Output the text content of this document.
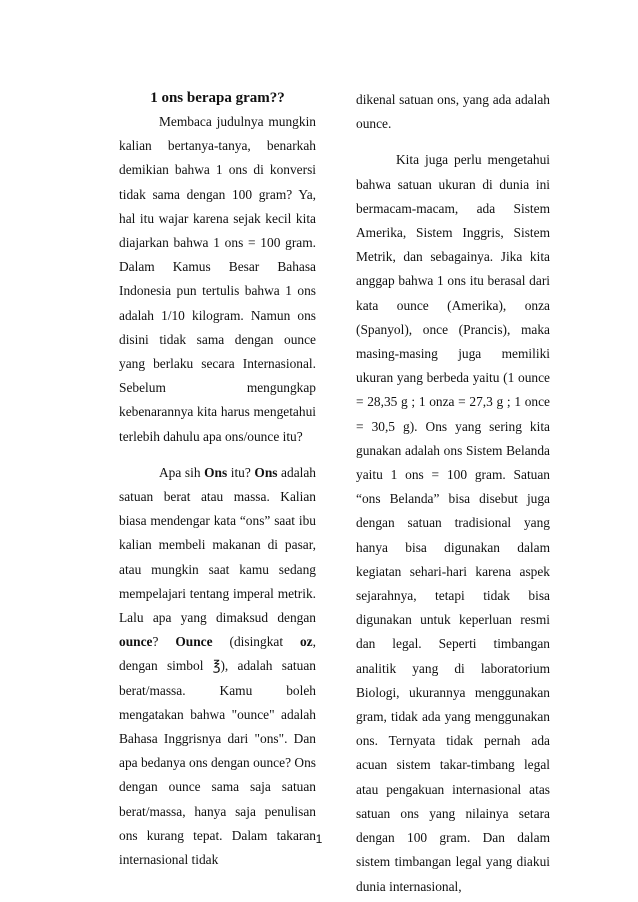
1 ons berapa gram??

Membaca judulnya mungkin kalian bertanya-tanya, benarkah demikian bahwa 1 ons di konversi tidak sama dengan 100 gram? Ya, hal itu wajar karena sejak kecil kita diajarkan bahwa 1 ons = 100 gram. Dalam Kamus Besar Bahasa Indonesia pun tertulis bahwa 1 ons adalah 1/10 kilogram. Namun ons disini tidak sama dengan ounce yang berlaku secara Internasional. Sebelum mengungkap kebenarannya kita harus mengetahui terlebih dahulu apa ons/ounce itu?

Apa sih Ons itu? Ons adalah satuan berat atau massa. Kalian biasa mendengar kata “ons” saat ibu kalian membeli makanan di pasar, atau mungkin saat kamu sedang mempelajari tentang imperal metrik. Lalu apa yang dimaksud dengan ounce? Ounce (disingkat oz, dengan simbol ℥), adalah satuan berat/massa. Kamu boleh mengatakan bahwa "ounce" adalah Bahasa Inggrisnya dari "ons". Dan apa bedanya ons dengan ounce? Ons dengan ounce sama saja satuan berat/massa, hanya saja penulisan ons kurang tepat. Dalam takaran internasional tidak

dikenal satuan ons, yang ada adalah ounce.

Kita juga perlu mengetahui bahwa satuan ukuran di dunia ini bermacam-macam, ada Sistem Amerika, Sistem Inggris, Sistem Metrik, dan sebagainya. Jika kita anggap bahwa 1 ons itu berasal dari kata ounce (Amerika), onza (Spanyol), once (Prancis), maka masing-masing juga memiliki ukuran yang berbeda yaitu (1 ounce = 28,35 g ; 1 onza = 27,3 g ; 1 once = 30,5 g). Ons yang sering kita gunakan adalah ons Sistem Belanda yaitu 1 ons = 100 gram. Satuan “ons Belanda” bisa disebut juga dengan satuan tradisional yang hanya bisa digunakan dalam kegiatan sehari-hari karena aspek sejarahnya, tetapi tidak bisa digunakan untuk keperluan resmi dan legal. Seperti timbangan analitik yang di laboratorium Biologi, ukurannya menggunakan gram, tidak ada yang menggunakan ons. Ternyata tidak pernah ada acuan sistem takar-timbang legal atau pengakuan internasional atas satuan ons yang nilainya setara dengan 100 gram. Dan dalam sistem timbangan legal yang diakui dunia internasional,

1
